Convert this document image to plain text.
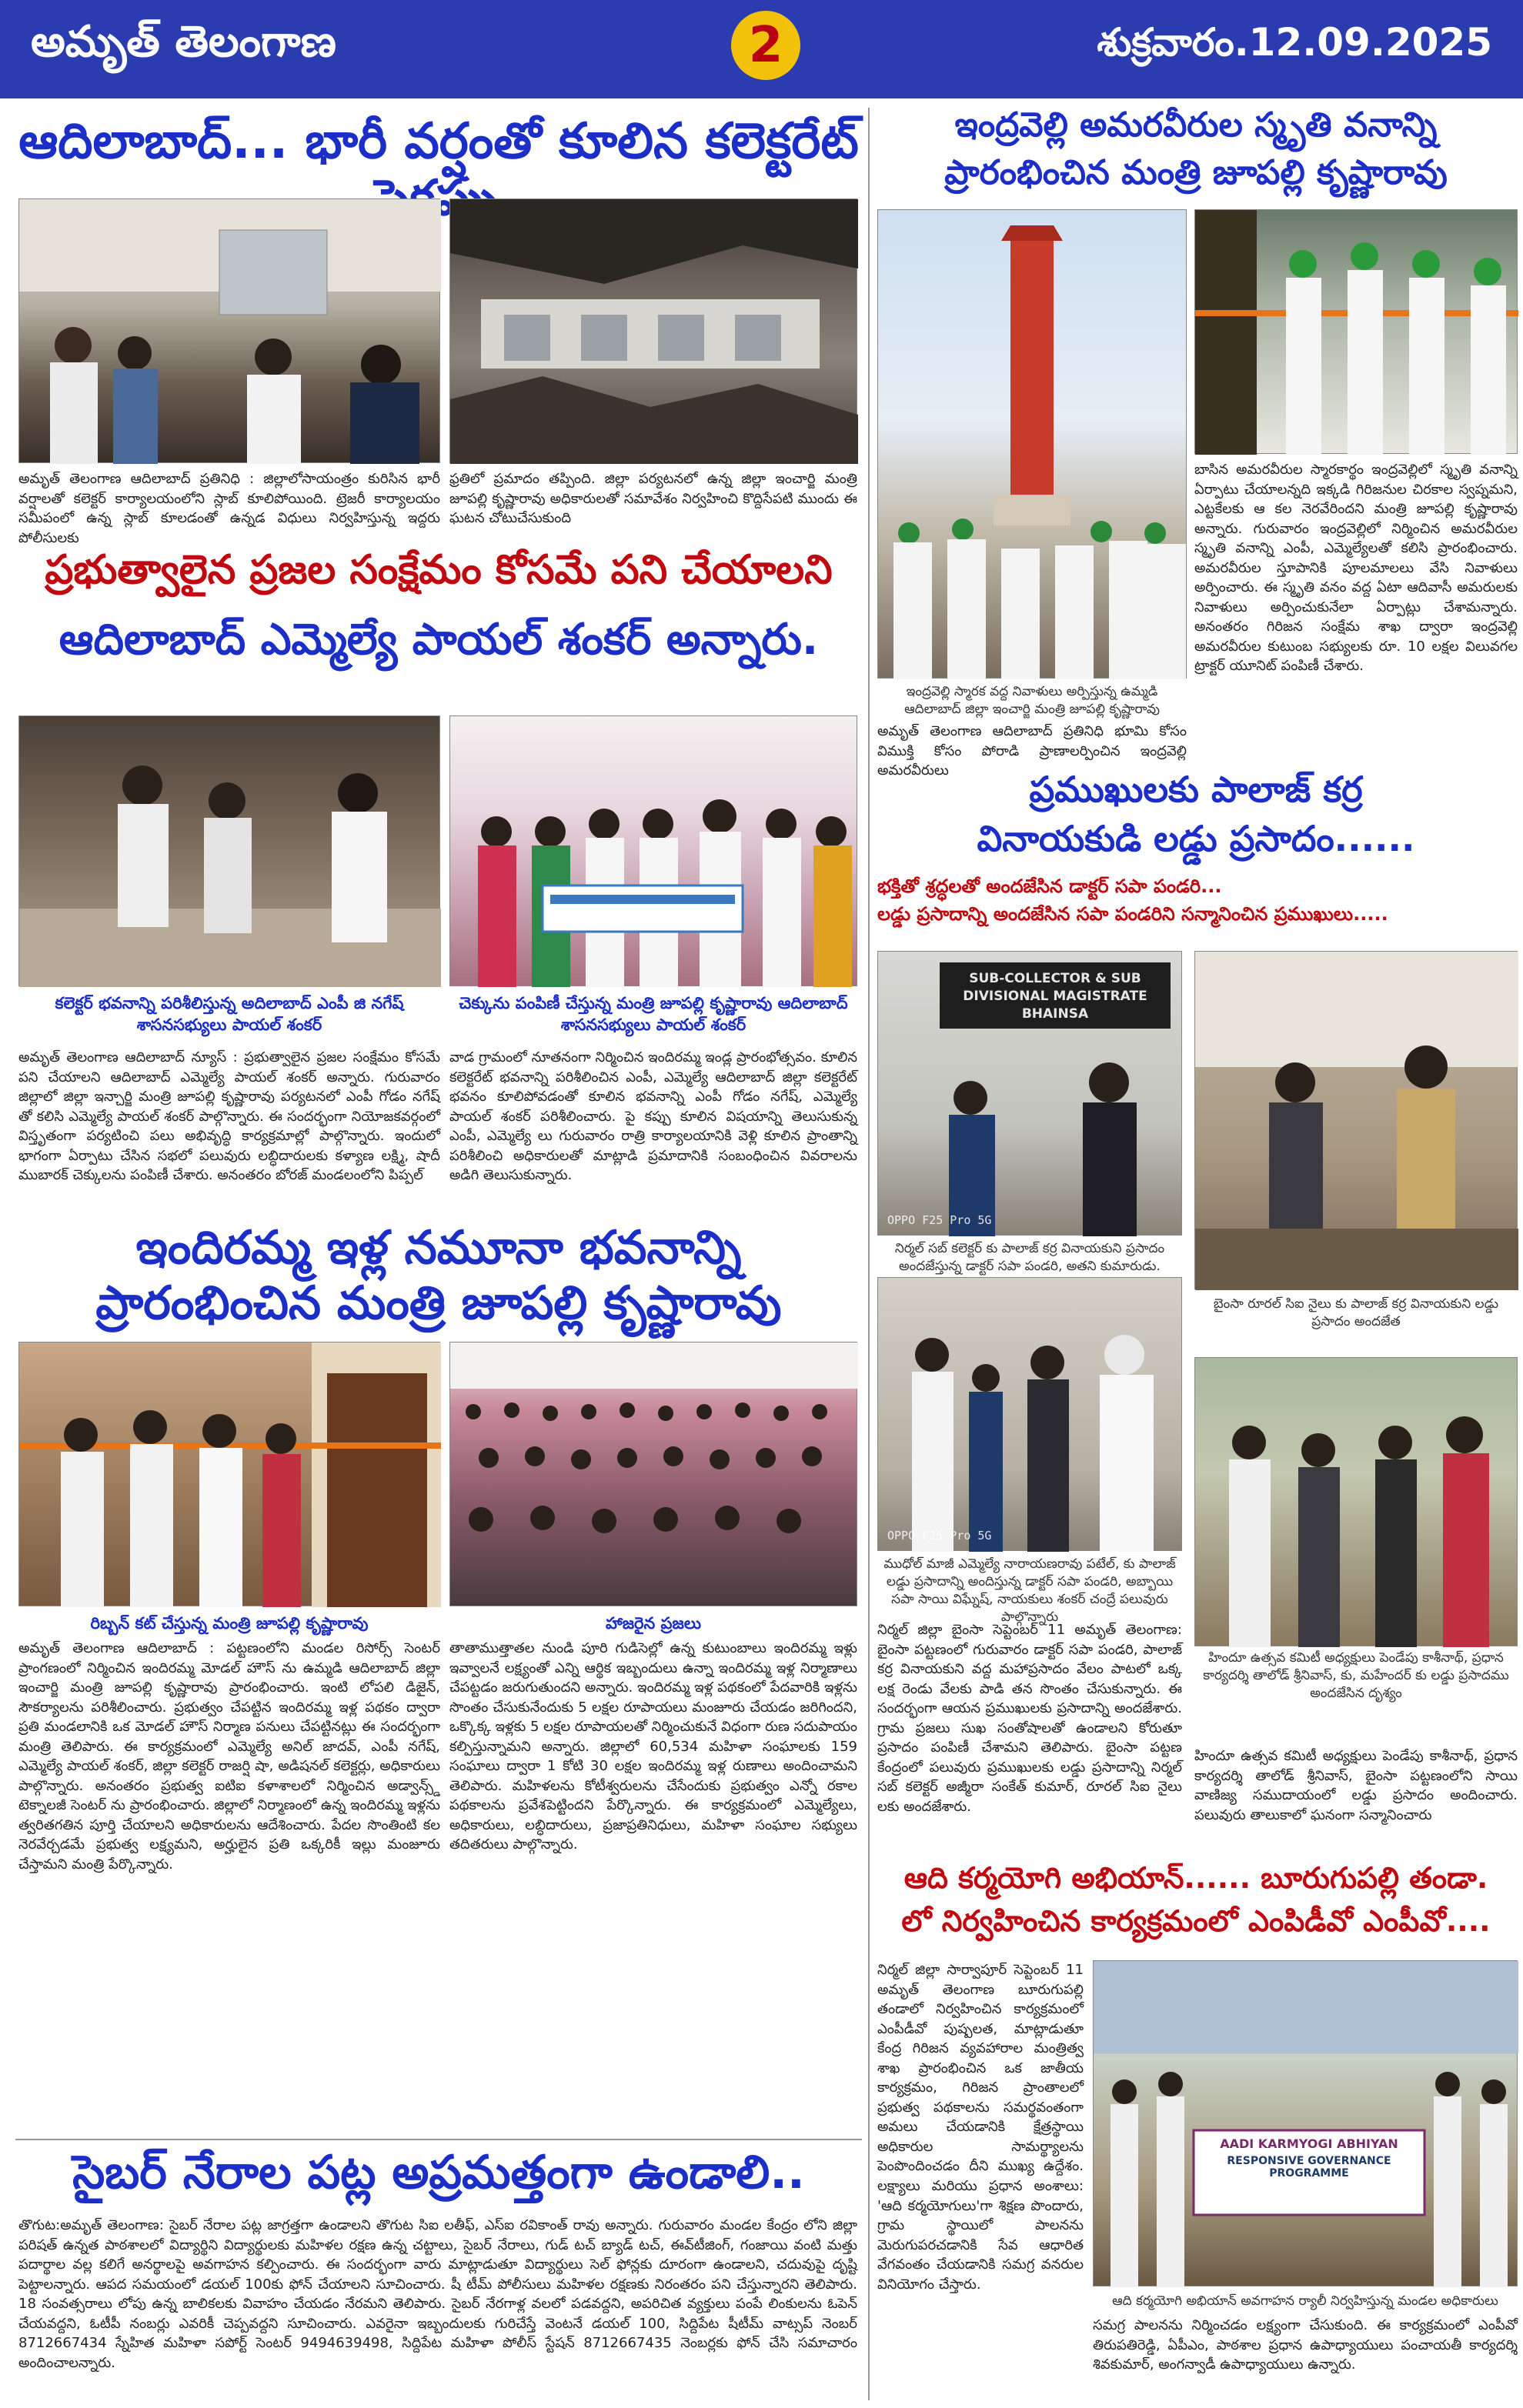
అమృత్ తెలంగాణ	2	శుక్రవారం.12.09.2025
ఆదిలాబాద్... భారీ వర్షంతో కూలిన కలెక్టరేట్
అమృత్ తెలంగాణ ఆదిలాబాద్ ప్రతినిధి : జిల్లాలోసాయంత్రం కురిసిన భారీ వర్షాలతో కలెక్టర్ కార్యాలయంలోని స్లాబ్ కూలిపోయింది. ట్రెజరీ కార్యాలయం సమీపంలో ఉన్న స్లాబ్ కూలడంతో ఉన్నడ విధులు నిర్వహిస్తున్న ఇద్దరు పోలీసులకు
ఫ్రతిలో ప్రమాదం తప్పింది. జిల్లా పర్యటనలో ఉన్న జిల్లా ఇంచార్జి మంత్రి జూపల్లి కృష్ణారావు అధికారులతో సమావేశం నిర్వహించి కొద్దిసేపటి ముందు ఈ ఘటన చోటుచేసుకుంది
ప్రభుత్వాలైన ప్రజల సంక్షేమం కోసమే పని చేయాలని
ఆదిలాబాద్ ఎమ్మెల్యే పాయల్ శంకర్ అన్నారు.
కలెక్టర్ భవనాన్ని పరిశీలిస్తున్న అదిలాబాద్ ఎంపీ జి నగేష్ శాసనసభ్యులు పాయల్ శంకర్
చెక్కును పంపిణీ చేస్తున్న మంత్రి జూపల్లి కృష్ణారావు ఆదిలాబాద్ శాసనసభ్యులు పాయల్ శంకర్
అమృత్ తెలంగాణ ఆదిలాబాద్ న్యూస్ : ప్రభుత్వాలైన ప్రజల సంక్షేమం కోసమే పని చేయాలని ఆదిలాబాద్ ఎమ్మెల్యే పాయల్ శంకర్ అన్నారు. గురువారం జిల్లాలో జిల్లా ఇన్చార్జి మంత్రి జూపల్లి కృష్ణారావు పర్యటనలో ఎంపీ గోడం నగేష్ తో కలిసి ఎమ్మెల్యే పాయల్ శంకర్ పాల్గొన్నారు. ఈ సందర్భంగా నియోజకవర్గంలో విస్తృతంగా పర్యటించి పలు అభివృద్ధి కార్యక్రమాల్లో పాల్గొన్నారు. ఇందులో భాగంగా ఏర్పాటు చేసిన సభలో పలువురు లబ్ధిదారులకు కళ్యాణ లక్ష్మి, షాదీ ముబారక్ చెక్కులను పంపిణీ చేశారు. అనంతరం బోరజ్ మండలంలోని పిప్పల్
వాడ గ్రామంలో నూతనంగా నిర్మించిన ఇందిరమ్మ ఇండ్ల ప్రారంభోత్సవం. కూలిన కలెక్టరేట్ భవనాన్ని పరిశీలించిన ఎంపీ, ఎమ్మెల్యే ఆదిలాబాద్ జిల్లా కలెక్టరేట్ భవనం కూలిపోవడంతో కూలిన భవనాన్ని ఎంపీ గోడం నగేష్, ఎమ్మెల్యే పాయల్ శంకర్ పరిశీలించారు. పై కప్పు కూలిన విషయాన్ని తెలుసుకున్న ఎంపీ, ఎమ్మెల్యే లు గురువారం రాత్రి కార్యాలయానికి వెళ్లి కూలిన ప్రాంతాన్ని పరిశీలించి అధికారులతో మాట్లాడి ప్రమాదానికి సంబంధించిన వివరాలను అడిగి తెలుసుకున్నారు.
ఇందిరమ్మ ఇళ్ల నమూనా భవనాన్ని
ప్రారంభించిన మంత్రి జూపల్లి కృష్ణారావు
రిబ్బన్ కట్ చేస్తున్న మంత్రి జూపల్లి కృష్ణారావు	హాజరైన ప్రజలు
అమృత్ తెలంగాణ ఆదిలాబాద్ : పట్టణంలోని మండల రిసోర్స్ సెంటర్ ప్రాంగణంలో నిర్మించిన ఇందిరమ్మ మోడల్ హౌస్ ను ఉమ్మడి ఆదిలాబాద్ జిల్లా ఇంచార్జి మంత్రి జూపల్లి కృష్ణారావు ప్రారంభించారు. ఇంటి లోపలి డిజైన్, సౌకర్యాలను పరిశీలించారు. ప్రభుత్వం చేపట్టిన ఇందిరమ్మ ఇళ్ల పథకం ద్వారా ప్రతి మండలానికి ఒక మోడల్ హౌస్ నిర్మాణ పనులు చేపట్టినట్లు ఈ సందర్భంగా మంత్రి తెలిపారు. ఈ కార్యక్రమంలో ఎమ్మెల్యే అనిల్ జాదవ్, ఎంపీ నగేష్, ఎమ్మెల్యే పాయల్ శంకర్, జిల్లా కలెక్టర్ రాజర్షి షా, అడిషనల్ కలెక్టర్లు, అధికారులు పాల్గొన్నారు. అనంతరం ప్రభుత్వ ఐటిఐ కళాశాలలో నిర్మించిన అడ్వాన్స్డ్ టెక్నాలజీ సెంటర్ ను ప్రారంభించారు. జిల్లాలో నిర్మాణంలో ఉన్న ఇందిరమ్మ ఇళ్లను త్వరితగతిన పూర్తి చేయాలని అధికారులను ఆదేశించారు. పేదల సొంతింటి కల నెరవేర్చడమే ప్రభుత్వ లక్ష్యమని, అర్హులైన ప్రతి ఒక్కరికీ ఇల్లు మంజూరు చేస్తామని మంత్రి పేర్కొన్నారు.
తాతాముత్తాతల నుండి పూరి గుడిసెల్లో ఉన్న కుటుంబాలు ఇందిరమ్మ ఇళ్లు ఇవ్వాలనే లక్ష్యంతో ఎన్ని ఆర్థిక ఇబ్బందులు ఉన్నా ఇందిరమ్మ ఇళ్ల నిర్మాణాలు చేపట్టడం జరుగుతుందని అన్నారు. ఇందిరమ్మ ఇళ్ల పథకంలో పేదవారికి ఇళ్లను సొంతం చేసుకునేందుకు 5 లక్షల రూపాయలు మంజూరు చేయడం జరిగిందని, ఒక్కొక్క ఇళ్లకు 5 లక్షల రూపాయలతో నిర్మించుకునే విధంగా రుణ సదుపాయం కల్పిస్తున్నామని అన్నారు. జిల్లాలో 60,534 మహిళా సంఘాలకు 159 సంఘాలు ద్వారా 1 కోటి 30 లక్షల ఇందిరమ్మ ఇళ్ల రుణాలు అందించామని తెలిపారు. మహిళలను కోటీశ్వరులను చేసేందుకు ప్రభుత్వం ఎన్నో రకాల పథకాలను ప్రవేశపెట్టిందని పేర్కొన్నారు. ఈ కార్యక్రమంలో ఎమ్మెల్యేలు, అధికారులు, లబ్ధిదారులు, ప్రజాప్రతినిధులు, మహిళా సంఘాల సభ్యులు తదితరులు పాల్గొన్నారు.
సైబర్ నేరాల పట్ల అప్రమత్తంగా ఉండాలి..
తొగుట:అమృత్ తెలంగాణ: సైబర్ నేరాల పట్ల జాగ్రత్తగా ఉండాలని తొగుట సిఐ లతీఫ్, ఎస్ఐ రవికాంత్ రావు అన్నారు. గురువారం మండల కేంద్రం లోని జిల్లా పరిషత్ ఉన్నత పాఠశాలలో విద్యార్థిని విద్యార్థులకు మహిళల రక్షణ ఉన్న చట్టాలు, సైబర్ నేరాలు, గుడ్ టచ్ బ్యాడ్ టచ్, ఈవ్‌టీజింగ్, గంజాయి వంటి మత్తు పదార్థాల వల్ల కలిగే అనర్థాలపై అవగాహన కల్పించారు. ఈ సందర్భంగా వారు మాట్లాడుతూ విద్యార్థులు సెల్ ఫోన్లకు దూరంగా ఉండాలని, చదువుపై దృష్టి పెట్టాలన్నారు. ఆపద సమయంలో డయల్ 100కు ఫోన్ చేయాలని సూచించారు. షీ టీమ్ పోలీసులు మహిళల రక్షణకు నిరంతరం పని చేస్తున్నారని తెలిపారు. 18 సంవత్సరాలు లోపు ఉన్న బాలికలకు వివాహం చేయడం నేరమని తెలిపారు. సైబర్ నేరగాళ్ల వలలో పడవద్దని, అపరిచిత వ్యక్తులు పంపే లింకులను ఓపెన్ చేయవద్దని, ఓటీపీ నంబర్లు ఎవరికీ చెప్పవద్దని సూచించారు. ఎవరైనా ఇబ్బందులకు గురిచేస్తే వెంటనే డయల్ 100, సిద్దిపేట షీటీమ్ వాట్సప్ నెంబర్ 8712667434 స్నేహిత మహిళా సపోర్ట్ సెంటర్ 9494639498, సిద్దిపేట మహిళా పోలీస్ స్టేషన్ 8712667435 నెంబర్లకు ఫోన్ చేసి సమాచారం అందించాలన్నారు.
ఇంద్రవెల్లి అమరవీరుల స్మృతి వనాన్ని
ప్రారంభించిన మంత్రి జూపల్లి కృష్ణారావు
ఇంద్రవెల్లి స్మారక వద్ద నివాళులు అర్పిస్తున్న ఉమ్మడి ఆదిలాబాద్ జిల్లా ఇంచార్జి మంత్రి జూపల్లి కృష్ణారావు
బాసిన అమరవీరుల స్మారకార్థం ఇంద్రవెల్లిలో స్మృతి వనాన్ని ఏర్పాటు చేయాలన్నది ఇక్కడి గిరిజనుల చిరకాల స్వప్నమని, ఎట్టకేలకు ఆ కల నెరవేరిందని మంత్రి జూపల్లి కృష్ణారావు అన్నారు. గురువారం ఇంద్రవెల్లిలో నిర్మించిన అమరవీరుల స్మృతి వనాన్ని ఎంపీ, ఎమ్మెల్యేలతో కలిసి ప్రారంభించారు. అమరవీరుల స్తూపానికి పూలమాలలు వేసి నివాళులు అర్పించారు. ఈ స్మృతి వనం వద్ద ఏటా ఆదివాసీ అమరులకు నివాళులు అర్పించుకునేలా ఏర్పాట్లు చేశామన్నారు. అనంతరం గిరిజన సంక్షేమ శాఖ ద్వారా ఇంద్రవెల్లి అమరవీరుల కుటుంబ సభ్యులకు రూ. 10 లక్షల విలువగల ట్రాక్టర్ యూనిట్ పంపిణీ చేశారు.
అమృత్ తెలంగాణ ఆదిలాబాద్ ప్రతినిధి భూమి కోసం విముక్తి కోసం పోరాడి ప్రాణాలర్పించిన ఇంద్రవెల్లి అమరవీరులు	ప్రముఖులకు పాలాజ్ కర్ర
వినాయకుడి లడ్డు ప్రసాదం......
భక్తితో శ్రద్ధలతో అందజేసిన డాక్టర్ సపా పండరి...
లడ్డు ప్రసాదాన్ని అందజేసిన సపా పండరిని సన్మానించిన ప్రముఖులు.....
SUB-COLLECTOR & SUB DIVISIONAL MAGISTRATE BHAINSA
OPPO F25 Pro 5G
నిర్మల్ సబ్ కలెక్టర్ కు పాలాజ్ కర్ర వినాయకుని ప్రసాదం అందజేస్తున్న డాక్టర్ సపా పండరి, అతని కుమారుడు.
బైంసా రూరల్ సిఐ నైలు కు పాలాజ్ కర్ర వినాయకుని లడ్డు ప్రసాదం అందజేత
OPPO F25 Pro 5G
ముధోల్ మాజీ ఎమ్మెల్యే నారాయణరావు పటేల్, కు పాలాజ్ లడ్డు ప్రసాదాన్ని అందిస్తున్న డాక్టర్ సపా పండరి, అబ్బాయి సపా సాయి విఘ్నేష్, నాయకులు శంకర్ చంద్రే పలువురు పాల్గొన్నారు
హిందూ ఉత్సవ కమిటీ అధ్యక్షులు పెండేపు కాశీనాథ్, ప్రధాన కార్యదర్శి తాలోడ్ శ్రీనివాస్, కు, మహేందర్ కు లడ్డు ప్రసాదము అందజేసిన దృశ్యం
నిర్మల్ జిల్లా బైంసా సెప్టెంబర్ 11 అమృత్ తెలంగాణ: బైంసా పట్టణంలో గురువారం డాక్టర్ సపా పండరి, పాలాజ్ కర్ర వినాయకుని వద్ద మహాప్రసాదం వేలం పాటలో ఒక్క లక్ష రెండు వేలకు పాడి తన సొంతం చేసుకున్నారు. ఈ సందర్భంగా ఆయన ప్రముఖులకు ప్రసాదాన్ని అందజేశారు. గ్రామ ప్రజలు సుఖ సంతోషాలతో ఉండాలని కోరుతూ ప్రసాదం పంపిణీ చేశామని తెలిపారు. బైంసా పట్టణ కేంద్రంలో పలువురు ప్రముఖులకు లడ్డు ప్రసాదాన్ని నిర్మల్ సబ్ కలెక్టర్ అజ్మీరా సంకేత్ కుమార్, రూరల్ సిఐ నైలు లకు అందజేశారు.
హిందూ ఉత్సవ కమిటీ అధ్యక్షులు పెండేపు కాశీనాథ్, ప్రధాన కార్యదర్శి తాలోడ్ శ్రీనివాస్, బైంసా పట్టణంలోని సాయి వాణిజ్య సముదాయంలో లడ్డు ప్రసాదం అందించారు. పలువురు తాలుకాలో ఘనంగా సన్మానించారు
ఆది కర్మయోగి అభియాన్...... బూరుగుపల్లి తండా.
లో నిర్వహించిన కార్యక్రమంలో ఎంపిడీవో ఎంపీవో....
నిర్మల్ జిల్లా సార్వాపూర్ సెప్టెంబర్ 11 అమృత్ తెలంగాణ బూరుగుపల్లి తండాలో నిర్వహించిన కార్యక్రమంలో ఎంపీడీవో పుష్పలత, మాట్లాడుతూ కేంద్ర గిరిజన వ్యవహారాల మంత్రిత్వ శాఖ ప్రారంభించిన ఒక జాతీయ కార్యక్రమం, గిరిజన ప్రాంతాలలో ప్రభుత్వ పథకాలను సమర్థవంతంగా అమలు చేయడానికి క్షేత్రస్థాయి అధికారుల సామర్థ్యాలను పెంపొందించడం దీని ముఖ్య ఉద్దేశం. లక్ష్యాలు మరియు ప్రధాన అంశాలు: 'ఆది కర్మయోగులు'గా శిక్షణ పొందారు, గ్రామ స్థాయిలో పాలనను మెరుగుపరచడానికి సేవ ఆధారిత వేగవంతం చేయడానికి సమగ్ర వనరుల వినియోగం చేస్తారు.
AADI KARMYOGI ABHIYAN
RESPONSIVE GOVERNANCE PROGRAMME
ఆది కర్మయోగి అభియాన్ అవగాహన ర్యాలీ నిర్వహిస్తున్న మండల అధికారులు
సమగ్ర పాలనను నిర్మించడం లక్ష్యంగా చేసుకుంది. ఈ కార్యక్రమంలో ఎంపీవో తిరుపతిరెడ్డి, ఏపీఎం, పాఠశాల ప్రధాన ఉపాధ్యాయులు పంచాయతీ కార్యదర్శి శివకుమార్, అంగన్వాడీ ఉపాధ్యాయులు ఉన్నారు.
